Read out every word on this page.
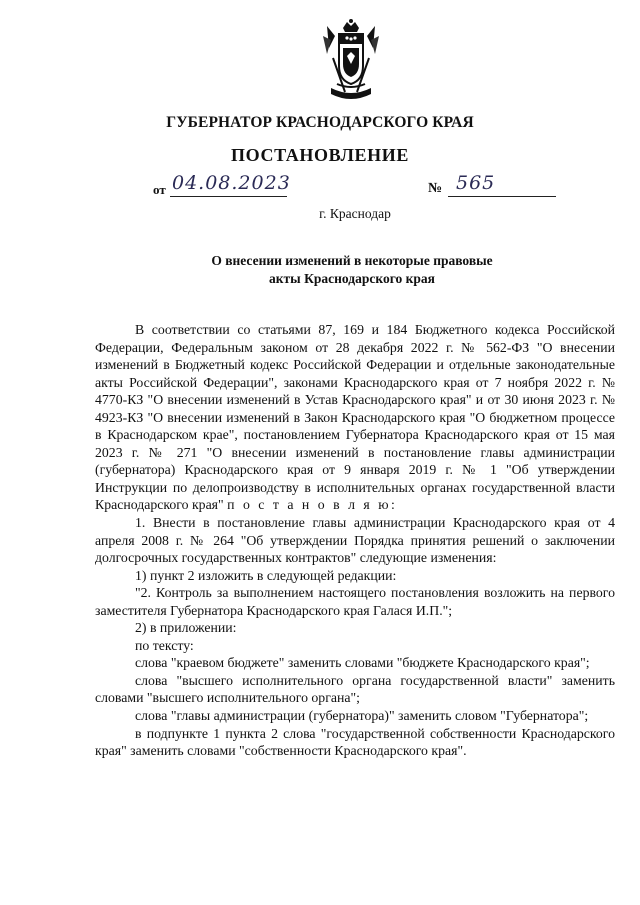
ГУБЕРНАТОР КРАСНОДАРСКОГО КРАЯ
ПОСТАНОВЛЕНИЕ
от 04.08.2023	№ 565
г. Краснодар
О внесении изменений в некоторые правовые
акты Краснодарского края

В соответствии со статьями 87, 169 и 184 Бюджетного кодекса Российской Федерации, Федеральным законом от 28 декабря 2022 г. № 562-ФЗ "О внесении изменений в Бюджетный кодекс Российской Федерации и отдельные законодательные акты Российской Федерации", законами Краснодарского края от 7 ноября 2022 г. № 4770-КЗ "О внесении изменений в Устав Краснодарского края" и от 30 июня 2023 г. № 4923-КЗ "О внесении изменений в Закон Краснодарского края "О бюджетном процессе в Краснодарском крае", постановлением Губернатора Краснодарского края от 15 мая 2023 г. № 271 "О внесении изменений в постановление главы администрации (губернатора) Краснодарского края от 9 января 2019 г. № 1 "Об утверждении Инструкции по делопроизводству в исполнительных органах государственной власти Краснодарского края" п о с т а н о в л я ю:

1. Внести в постановление главы администрации Краснодарского края от 4 апреля 2008 г. № 264 "Об утверждении Порядка принятия решений о заключении долгосрочных государственных контрактов" следующие изменения:

1) пункт 2 изложить в следующей редакции:

"2. Контроль за выполнением настоящего постановления возложить на первого заместителя Губернатора Краснодарского края Галася И.П.";

2) в приложении:

по тексту:

слова "краевом бюджете" заменить словами "бюджете Краснодарского края";

слова "высшего исполнительного органа государственной власти" заменить словами "высшего исполнительного органа";

слова "главы администрации (губернатора)" заменить словом "Губернатора";

в подпункте 1 пункта 2 слова "государственной собственности Краснодарского края" заменить словами "собственности Краснодарского края".
